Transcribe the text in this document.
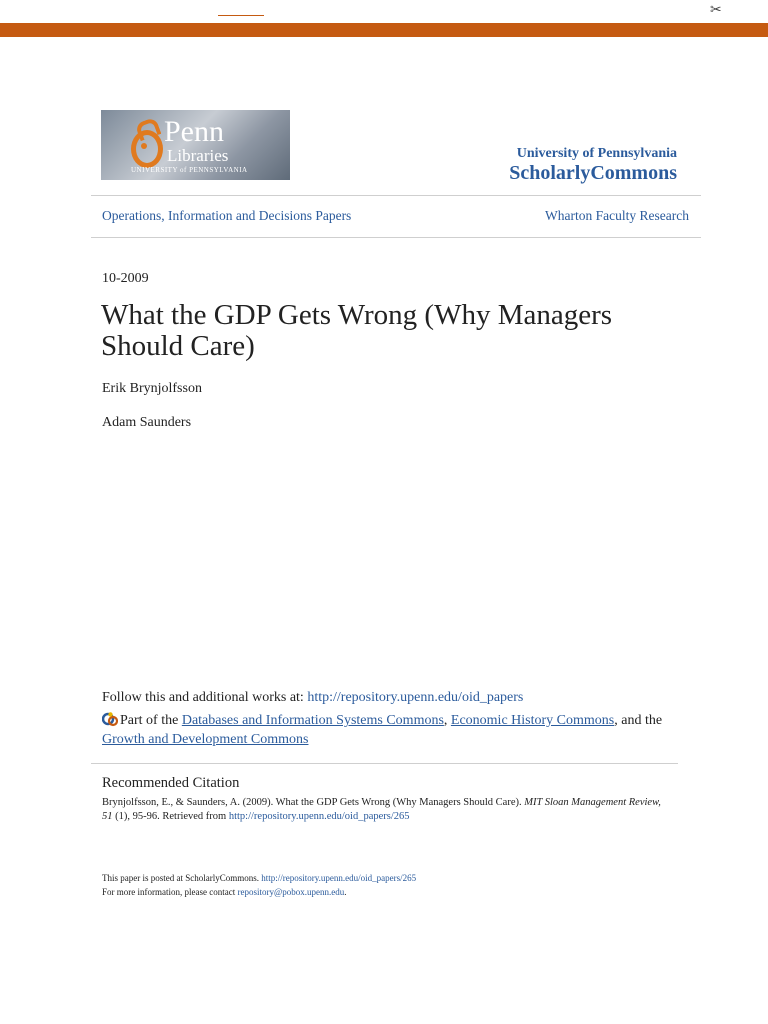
✂
Penn
Libraries
UNIVERSITY of PENNSYLVANIA
University of Pennsylvania
ScholarlyCommons
Operations, Information and Decisions Papers	Wharton Faculty Research
10-2009
What the GDP Gets Wrong (Why Managers Should Care)
Erik Brynjolfsson
Adam Saunders
Follow this and additional works at: http://repository.upenn.edu/oid_papers
Part of the Databases and Information Systems Commons, Economic History Commons, and the Growth and Development Commons
Recommended Citation
Brynjolfsson, E., & Saunders, A. (2009). What the GDP Gets Wrong (Why Managers Should Care). MIT Sloan Management Review, 51 (1), 95-96. Retrieved from http://repository.upenn.edu/oid_papers/265
This paper is posted at ScholarlyCommons. http://repository.upenn.edu/oid_papers/265
For more information, please contact repository@pobox.upenn.edu.
